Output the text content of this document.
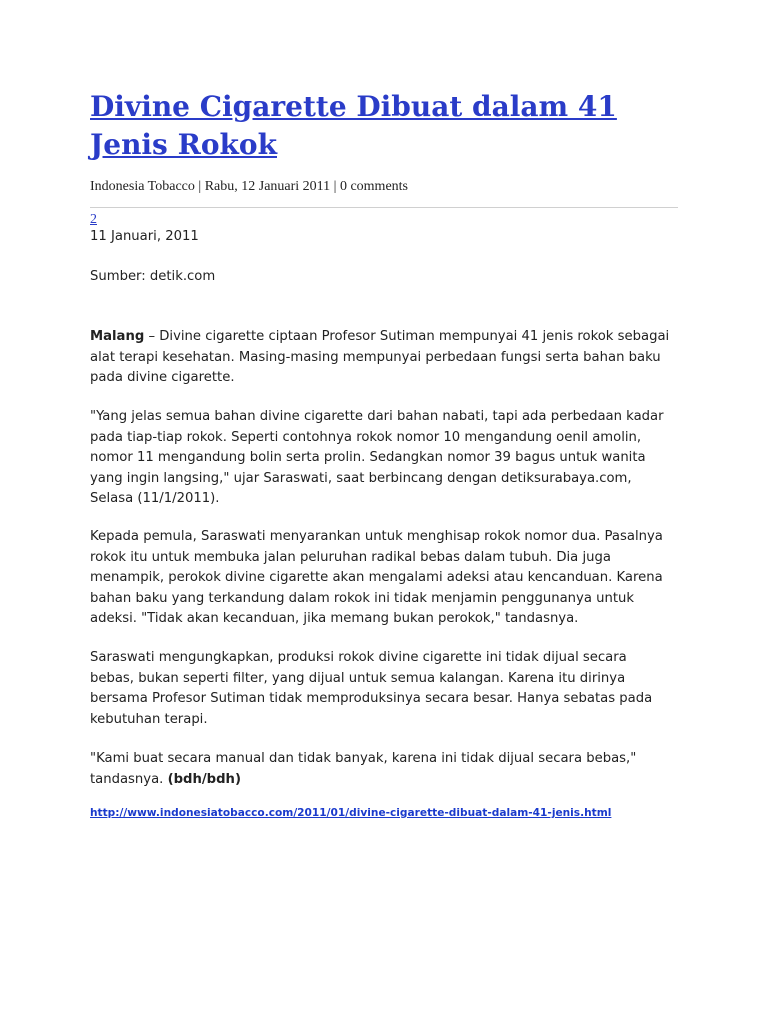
Divine Cigarette Dibuat dalam 41 Jenis Rokok
Indonesia Tobacco | Rabu, 12 Januari 2011 | 0 comments
2
11 Januari, 2011
Sumber: detik.com

Malang – Divine cigarette ciptaan Profesor Sutiman mempunyai 41 jenis rokok sebagai
alat terapi kesehatan. Masing-masing mempunyai perbedaan fungsi serta bahan baku
pada divine cigarette.

"Yang jelas semua bahan divine cigarette dari bahan nabati, tapi ada perbedaan kadar
pada tiap-tiap rokok. Seperti contohnya rokok nomor 10 mengandung oenil amolin,
nomor 11 mengandung bolin serta prolin. Sedangkan nomor 39 bagus untuk wanita
yang ingin langsing," ujar Saraswati, saat berbincang dengan detiksurabaya.com,
Selasa (11/1/2011).

Kepada pemula, Saraswati menyarankan untuk menghisap rokok nomor dua. Pasalnya
rokok itu untuk membuka jalan peluruhan radikal bebas dalam tubuh. Dia juga
menampik, perokok divine cigarette akan mengalami adeksi atau kencanduan. Karena
bahan baku yang terkandung dalam rokok ini tidak menjamin penggunanya untuk
adeksi. "Tidak akan kecanduan, jika memang bukan perokok," tandasnya.

Saraswati mengungkapkan, produksi rokok divine cigarette ini tidak dijual secara
bebas, bukan seperti filter, yang dijual untuk semua kalangan. Karena itu dirinya
bersama Profesor Sutiman tidak memproduksinya secara besar. Hanya sebatas pada
kebutuhan terapi.

"Kami buat secara manual dan tidak banyak, karena ini tidak dijual secara bebas,"
tandasnya. (bdh/bdh)

http://www.indonesiatobacco.com/2011/01/divine-cigarette-dibuat-dalam-41-jenis.html
